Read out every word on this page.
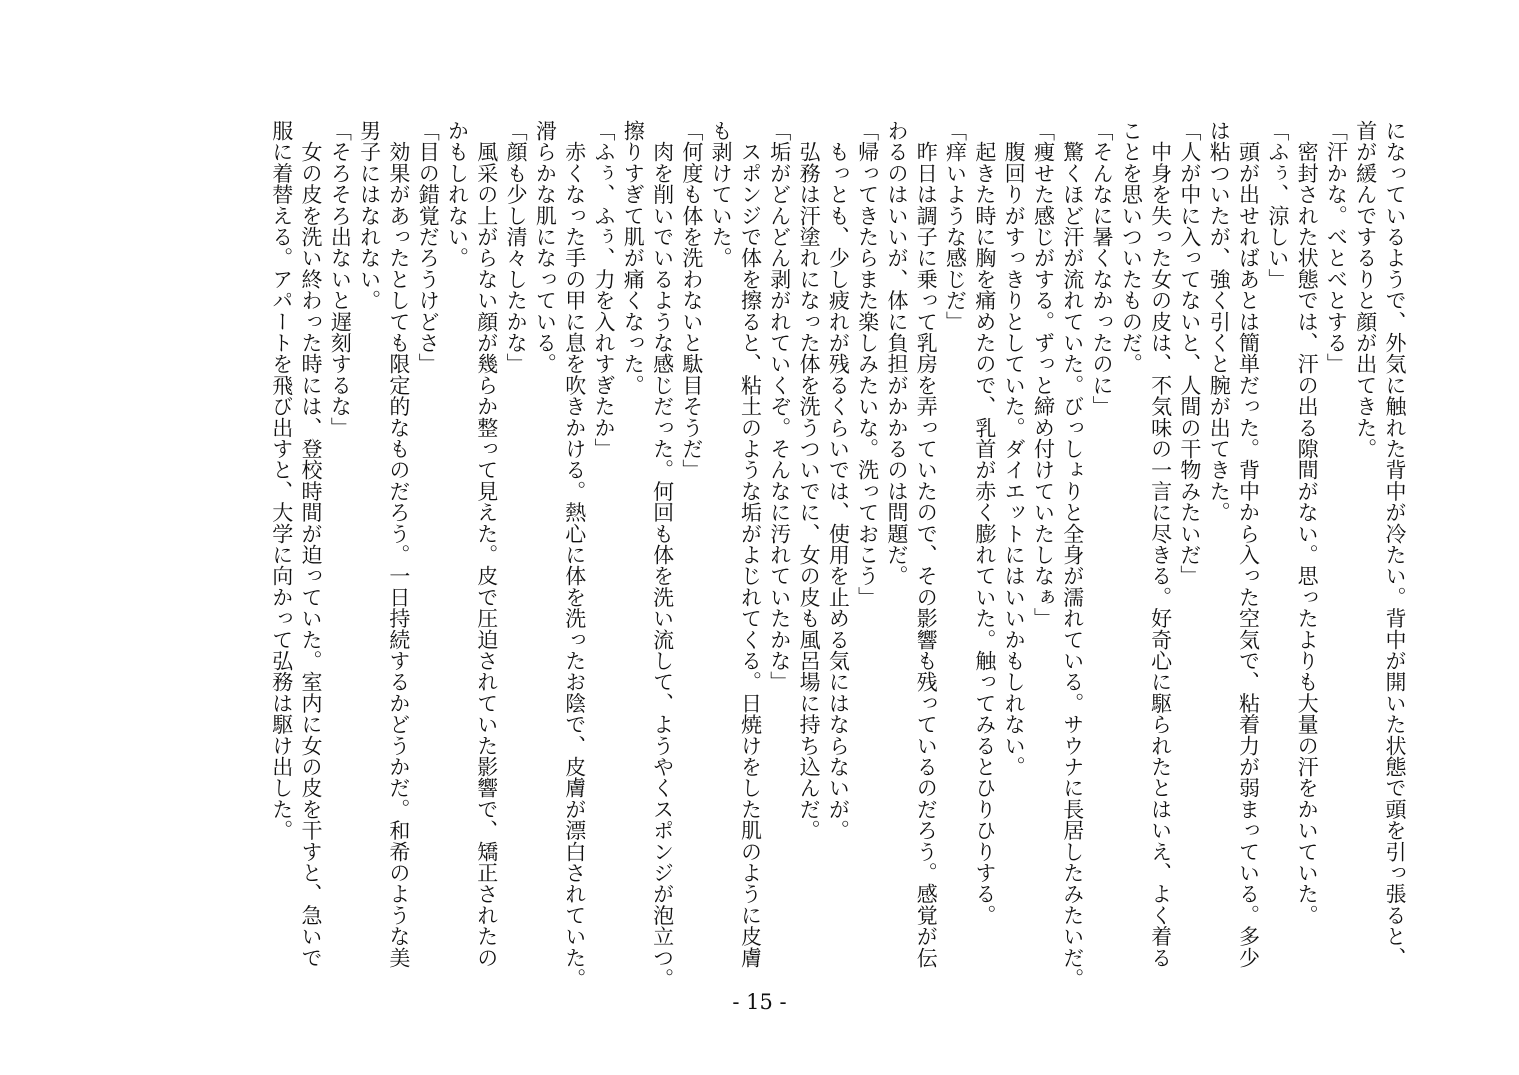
になっているようで、外気に触れた背中が冷たい。背中が開いた状態で頭を引っ張ると、
首が緩んでするりと顔が出てきた。
「汗かな。べとべとする」
　密封された状態では、汗の出る隙間がない。思ったよりも大量の汗をかいていた。
「ふぅ、涼しい」
　頭が出せればあとは簡単だった。背中から入った空気で、粘着力が弱まっている。多少
は粘ついたが、強く引くと腕が出てきた。
「人が中に入ってないと、人間の干物みたいだ」
　中身を失った女の皮は、不気味の一言に尽きる。好奇心に駆られたとはいえ、よく着る
ことを思いついたものだ。
「そんなに暑くなかったのに」
　驚くほど汗が流れていた。びっしょりと全身が濡れている。サウナに長居したみたいだ。
「痩せた感じがする。ずっと締め付けていたしなぁ」
　腹回りがすっきりとしていた。ダイエットにはいいかもしれない。
　起きた時に胸を痛めたので、乳首が赤く膨れていた。触ってみるとひりひりする。
「痒いような感じだ」
　昨日は調子に乗って乳房を弄っていたので、その影響も残っているのだろう。感覚が伝
わるのはいいが、体に負担がかかるのは問題だ。
「帰ってきたらまた楽しみたいな。洗っておこう」
　もっとも、少し疲れが残るくらいでは、使用を止める気にはならないが。
　弘務は汗塗れになった体を洗うついでに、女の皮も風呂場に持ち込んだ。
「垢がどんどん剥がれていくぞ。そんなに汚れていたかな」
　スポンジで体を擦ると、粘土のような垢がよじれてくる。日焼けをした肌のように皮膚
も剥けていた。
「何度も体を洗わないと駄目そうだ」
　肉を削いでいるような感じだった。何回も体を洗い流して、ようやくスポンジが泡立つ。
擦りすぎて肌が痛くなった。
「ふぅ、ふぅ、力を入れすぎたか」
　赤くなった手の甲に息を吹きかける。熱心に体を洗ったお陰で、皮膚が漂白されていた。
滑らかな肌になっている。
「顔も少し清々したかな」
　風采の上がらない顔が幾らか整って見えた。皮で圧迫されていた影響で、矯正されたの
かもしれない。
「目の錯覚だろうけどさ」
　効果があったとしても限定的なものだろう。一日持続するかどうかだ。和希のような美
男子にはなれない。
「そろそろ出ないと遅刻するな」
　女の皮を洗い終わった時には、登校時間が迫っていた。室内に女の皮を干すと、急いで
服に着替える。アパートを飛び出すと、大学に向かって弘務は駆け出した。
- 15 -
